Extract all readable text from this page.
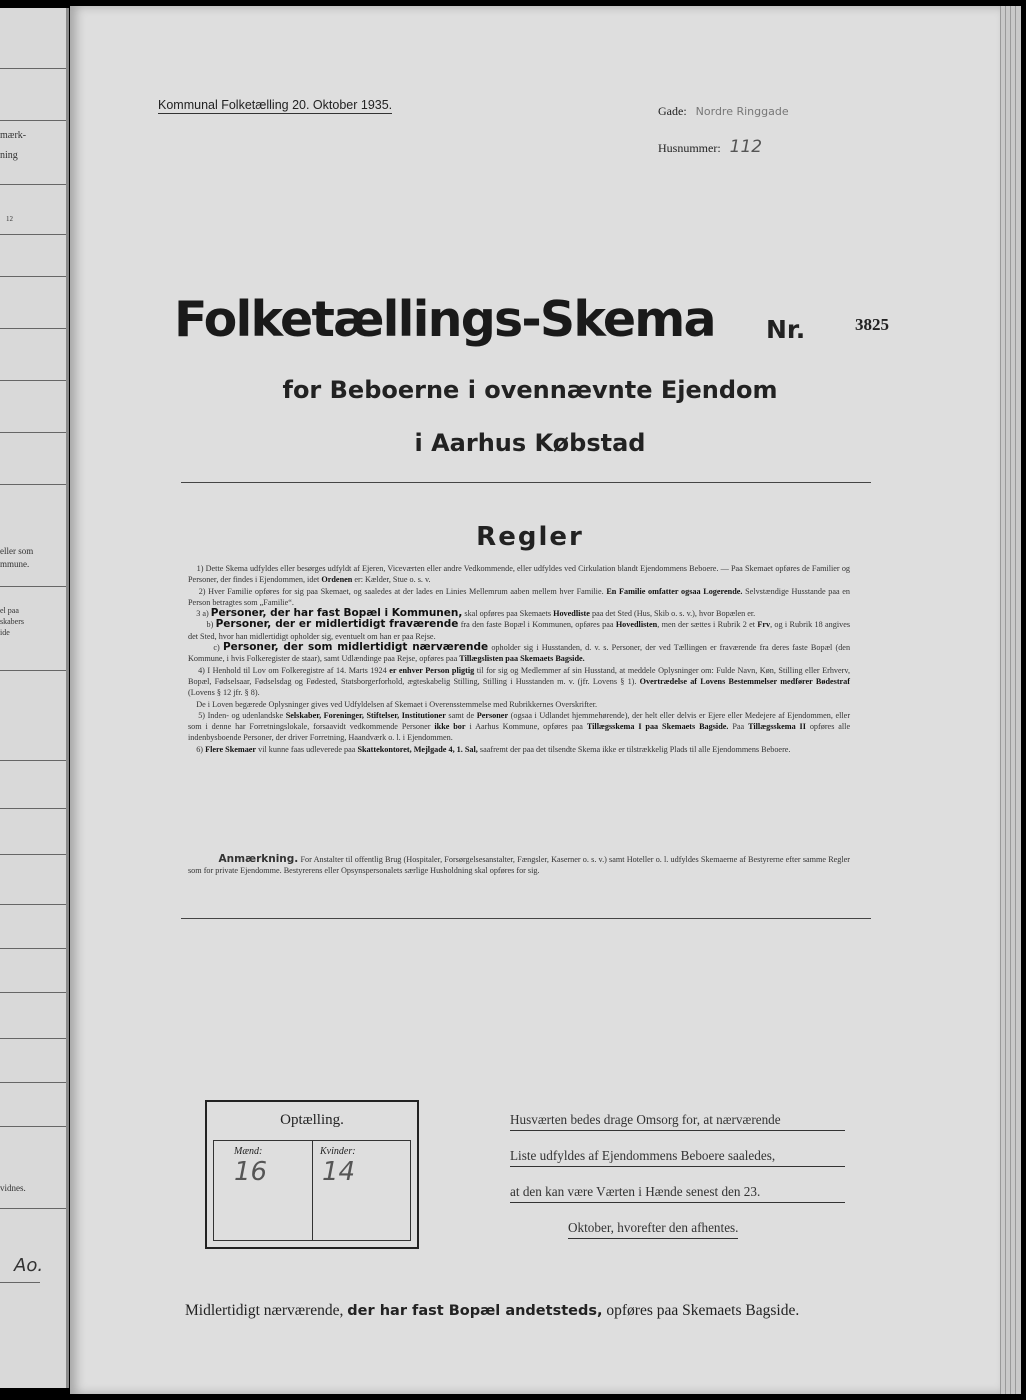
mærk-
ning
12
eller som
mmune.
el paa
skabers
ide
vidnes.
Ao.
Kommunal Folketælling 20. Oktober 1935.	Gade: Nordre Ringgade
Husnummer: 112
Folketællings-Skema Nr.	3825
for Beboerne i ovennævnte Ejendom
i Aarhus Købstad
Regler

1) Dette Skema udfyldes eller besørges udfyldt af Ejeren, Viceværten eller andre Vedkommende, eller udfyldes ved Cirkulation blandt Ejendommens Beboere. — Paa Skemaet opføres de Familier og Personer, der findes i Ejendommen, idet Ordenen er: Kælder, Stue o. s. v.

2) Hver Familie opføres for sig paa Skemaet, og saaledes at der lades en Linies Mellemrum aaben mellem hver Familie. En Familie omfatter ogsaa Logerende. Selvstændige Husstande paa en Person betragtes som „Familie“.

3 a) Personer, der har fast Bopæl i Kommunen, skal opføres paa Skemaets Hovedliste paa det Sted (Hus, Skib o. s. v.), hvor Bopælen er.

b) Personer, der er midlertidigt fraværende fra den faste Bopæl i Kommunen, opføres paa Hovedlisten, men der sættes i Rubrik 2 et Frv, og i Rubrik 18 angives det Sted, hvor han midlertidigt opholder sig, eventuelt om han er paa Rejse.

c) Personer, der som midlertidigt nærværende opholder sig i Husstanden, d. v. s. Personer, der ved Tællingen er fraværende fra deres faste Bopæl (den Kommune, i hvis Folkeregister de staar), samt Udlændinge paa Rejse, opføres paa Tillægslisten paa Skemaets Bagside.

4) I Henhold til Lov om Folkeregistre af 14. Marts 1924 er enhver Person pligtig til for sig og Medlemmer af sin Husstand, at meddele Oplysninger om: Fulde Navn, Køn, Stilling eller Erhverv, Bopæl, Fødselsaar, Fødselsdag og Fødested, Statsborgerforhold, ægteskabelig Stilling, Stilling i Husstanden m. v. (jfr. Lovens § 1). Overtrædelse af Lovens Bestemmelser medfører Bødestraf (Lovens § 12 jfr. § 8).

De i Loven begærede Oplysninger gives ved Udfyldelsen af Skemaet i Overensstemmelse med Rubrikkernes Overskrifter.

5) Inden- og udenlandske Selskaber, Foreninger, Stiftelser, Institutioner samt de Personer (ogsaa i Udlandet hjemmehørende), der helt eller delvis er Ejere eller Medejere af Ejendommen, eller som i denne har Forretningslokale, forsaavidt vedkommende Personer ikke bor i Aarhus Kommune, opføres paa Tillægsskema I paa Skemaets Bagside. Paa Tillægsskema II opføres alle indenbysboende Personer, der driver Forretning, Haandværk o. l. i Ejendommen.

6) Flere Skemaer vil kunne faas udleverede paa Skattekontoret, Mejlgade 4, 1. Sal, saafremt der paa det tilsendte Skema ikke er tilstrækkelig Plads til alle Ejendommens Beboere.

Anmærkning. For Anstalter til offentlig Brug (Hospitaler, Forsørgelsesanstalter, Fængsler, Kaserner o. s. v.) samt Hoteller o. l. udfyldes Skemaerne af Bestyrerne efter samme Regler som for private Ejendomme. Bestyrerens eller Opsynspersonalets særlige Husholdning skal opføres for sig.
Optælling.
Mænd:
16
Kvinder:
14
Husværten bedes drage Omsorg for, at nærværende
Liste udfyldes af Ejendommens Beboere saaledes,
at den kan være Værten i Hænde senest den 23.
Oktober, hvorefter den afhentes.
Midlertidigt nærværende, der har fast Bopæl andetsteds, opføres paa Skemaets Bagside.
